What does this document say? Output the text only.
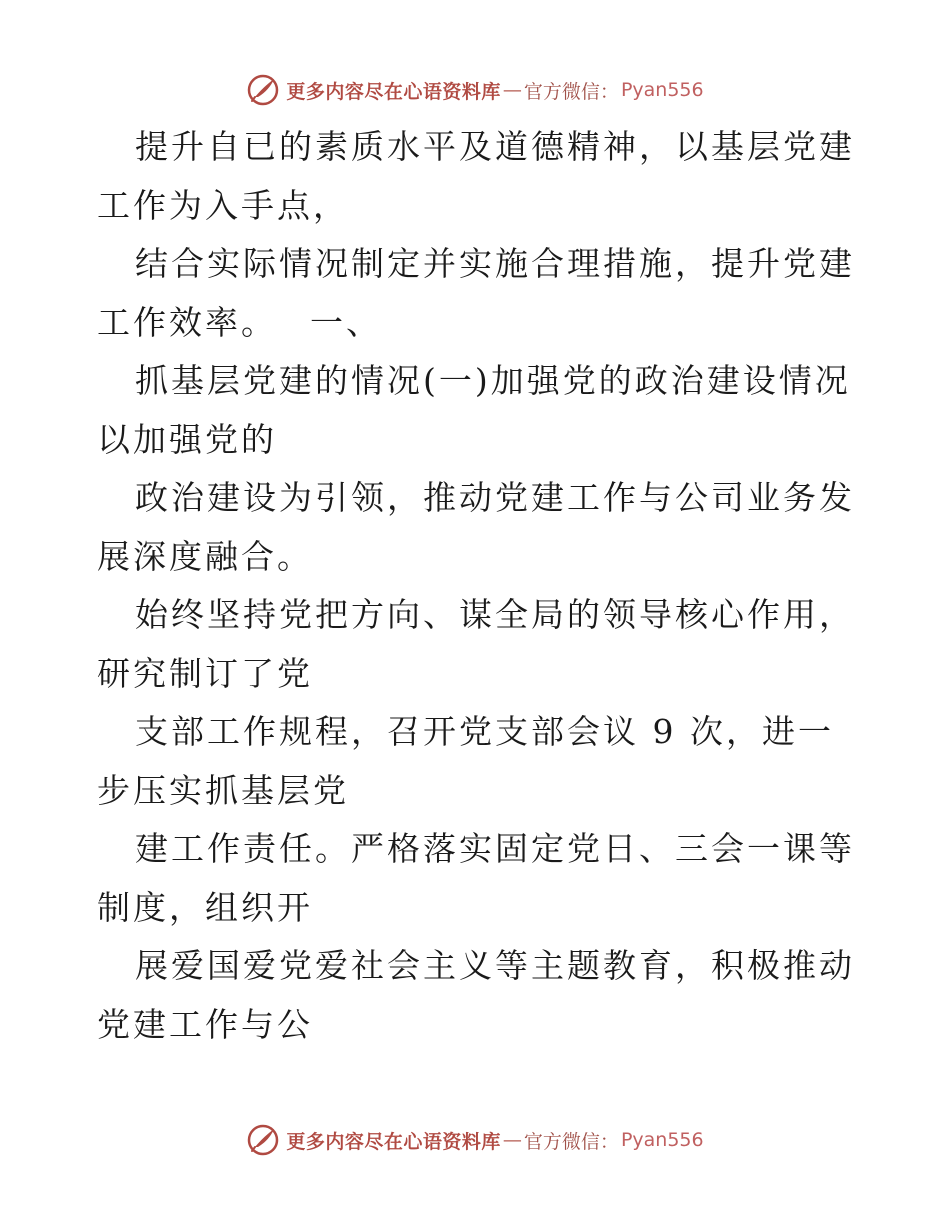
更多内容尽在心语资料库 — 官方微信： Pyan556

提升自已的素质水平及道德精神，以基层党建工作为入手点，

结合实际情况制定并实施合理措施，提升党建工作效率。　 一、

抓基层党建的情况(一)加强党的政治建设情况以加强党的

政治建设为引领，推动党建工作与公司业务发展深度融合。

始终坚持党把方向、谋全局的领导核心作用，研究制订了党

支部工作规程，召开党支部会议 9 次，进一步压实抓基层党

建工作责任。严格落实固定党日、三会一课等制度，组织开

展爱国爱党爱社会主义等主题教育，积极推动党建工作与公

更多内容尽在心语资料库 — 官方微信： Pyan556
